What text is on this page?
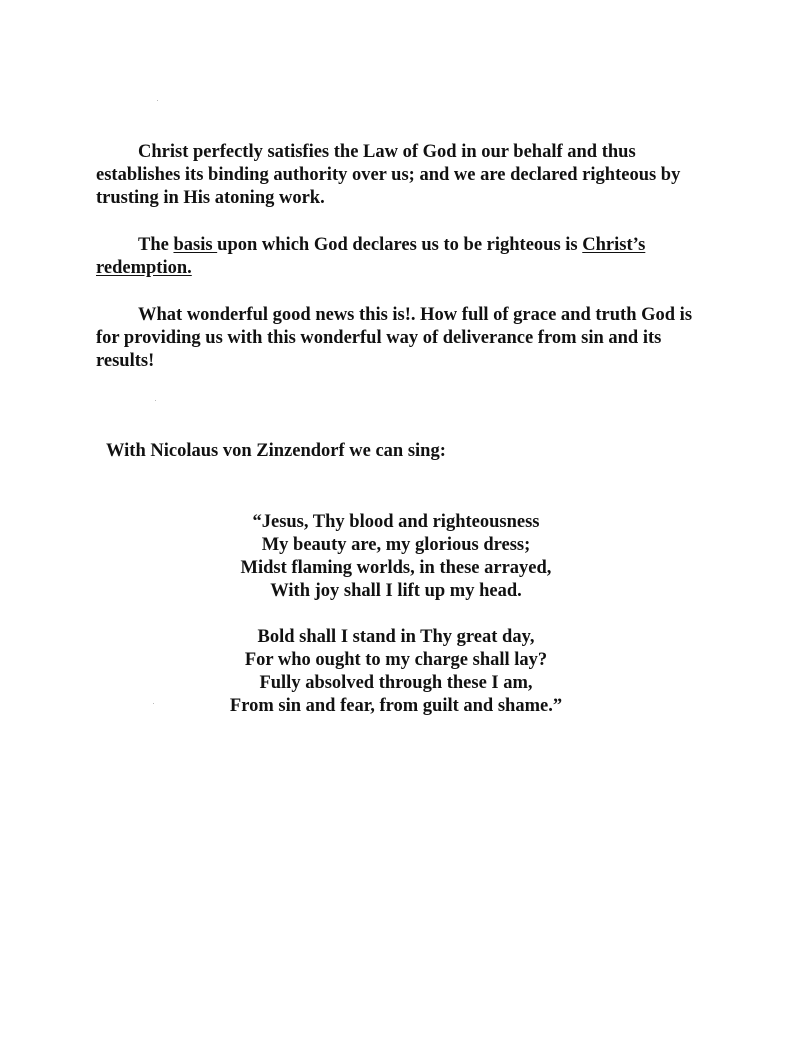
Christ perfectly satisfies the Law of God in our behalf and thus establishes its binding authority over us; and we are declared righteous by trusting in His atoning work.

The basis upon which God declares us to be righteous is Christ’s redemption.

What wonderful good news this is!. How full of grace and truth God is for providing us with this wonderful way of deliverance from sin and its results!

With Nicolaus von Zinzendorf we can sing:

“Jesus, Thy blood and righteousness
My beauty are, my glorious dress;
Midst flaming worlds, in these arrayed,
With joy shall I lift up my head.

Bold shall I stand in Thy great day,
For who ought to my charge shall lay?
Fully absolved through these I am,
From sin and fear, from guilt and shame.”
